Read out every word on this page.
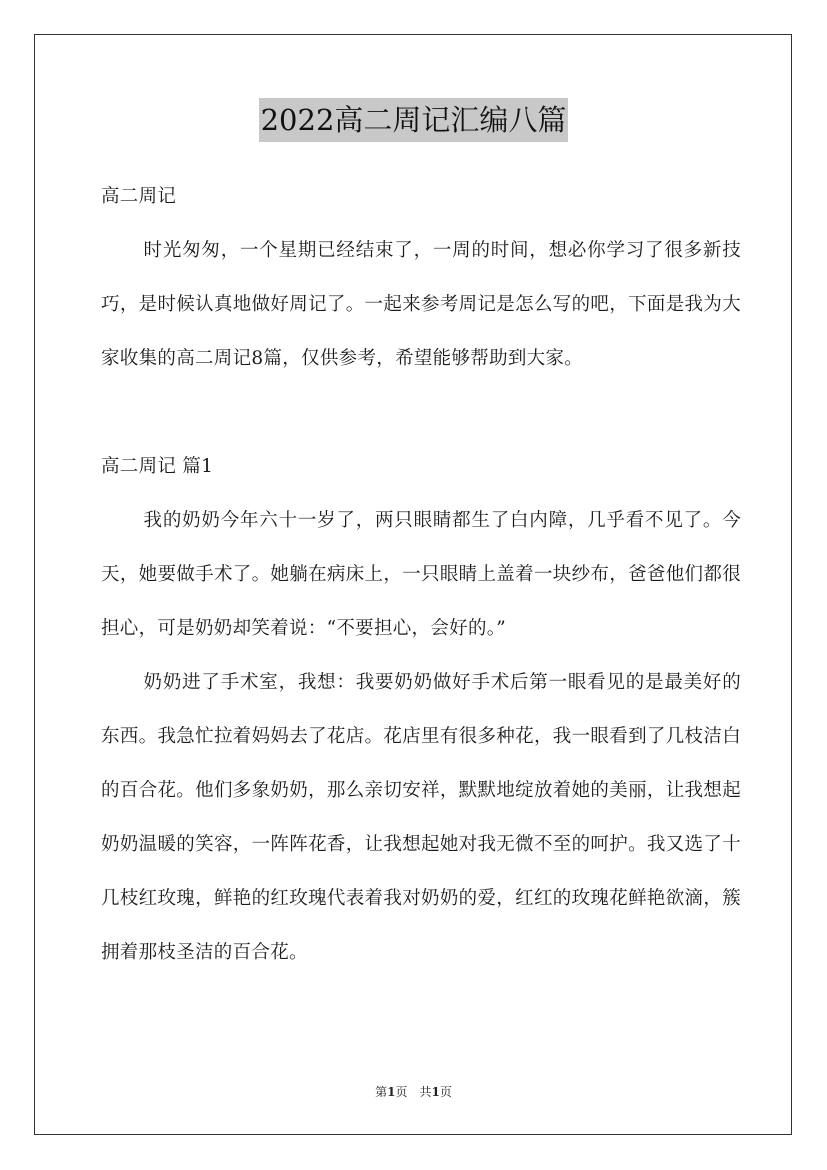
2022高二周记汇编八篇

高二周记

时光匆匆，一个星期已经结束了，一周的时间，想必你学习了很多新技巧，是时候认真地做好周记了。一起来参考周记是怎么写的吧，下面是我为大家收集的高二周记8篇，仅供参考，希望能够帮助到大家。

高二周记 篇1

我的奶奶今年六十一岁了，两只眼睛都生了白内障，几乎看不见了。今天，她要做手术了。她躺在病床上，一只眼睛上盖着一块纱布，爸爸他们都很担心，可是奶奶却笑着说：“不要担心，会好的。”

奶奶进了手术室，我想：我要奶奶做好手术后第一眼看见的是最美好的东西。我急忙拉着妈妈去了花店。花店里有很多种花，我一眼看到了几枝洁白的百合花。他们多象奶奶，那么亲切安祥，默默地绽放着她的美丽，让我想起奶奶温暖的笑容，一阵阵花香，让我想起她对我无微不至的呵护。我又选了十几枝红玫瑰，鲜艳的红玫瑰代表着我对奶奶的爱，红红的玫瑰花鲜艳欲滴，簇拥着那枝圣洁的百合花。

第1页　共1页
